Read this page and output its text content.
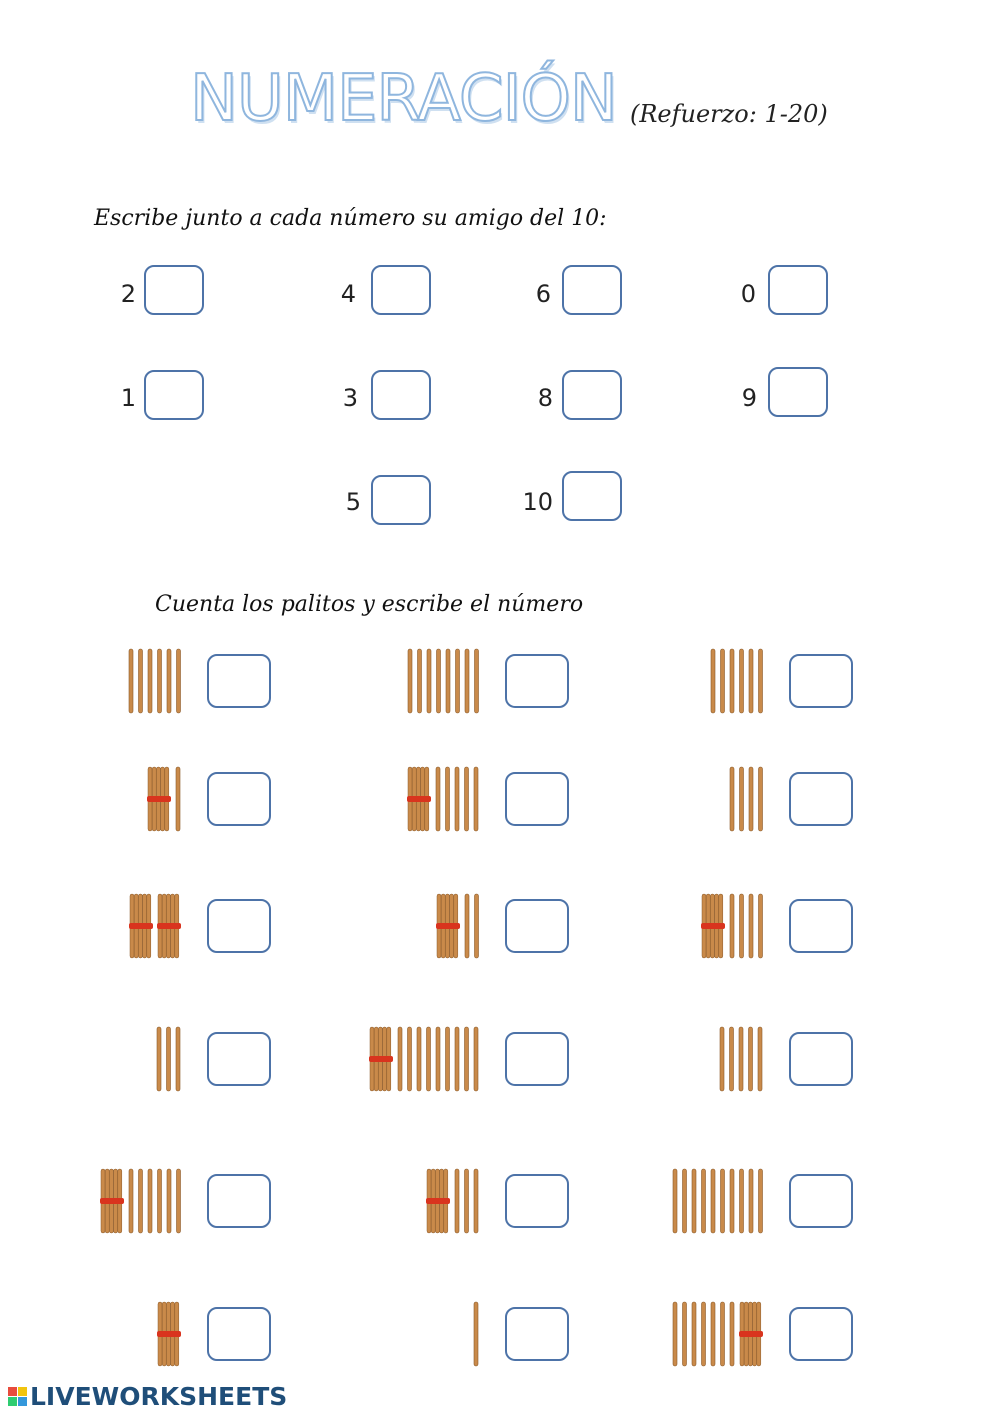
NUMERACIÓN (Refuerzo: 1-20)
Escribe junto a cada número su amigo del 10:
2	4	6	0
1	3	8	9
5	10
Cuenta los palitos y escribe el número
LIVEWORKSHEETS
